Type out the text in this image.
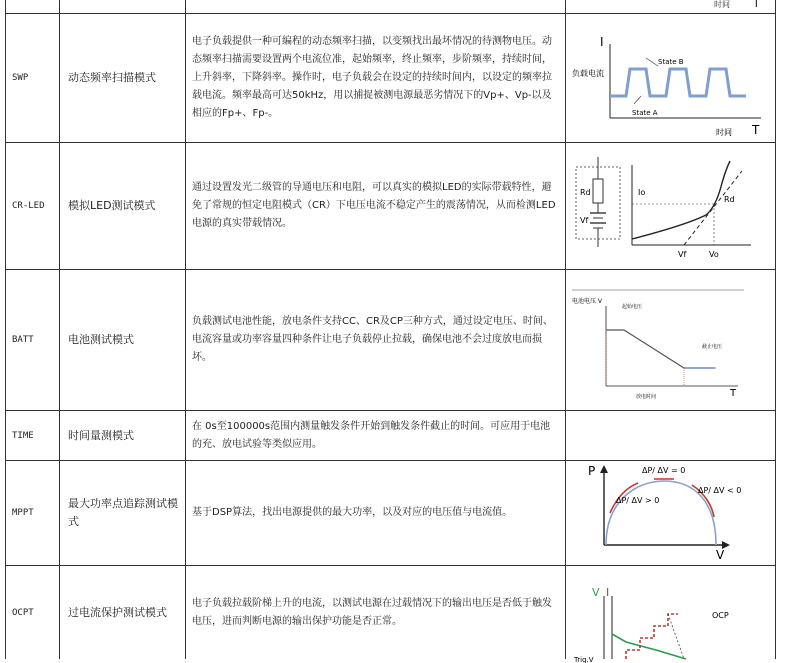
时间 T
SWP	动态频率扫描模式
电子负载提供一种可编程的动态频率扫描，以变频找出最坏情况的待测物电压。动态频率扫描需要设置两个电流位准，起始频率，终止频率，步阶频率，持续时间，上升斜率，下降斜率。操作时，电子负载会在设定的持续时间内，以设定的频率拉载电流。频率最高可达50kHz，用以捕捉被测电源最恶劣情况下的Vp+、Vp-以及相应的Fp+、Fp-。
I
负载电流
State B
State A
时间 T
CR-LED	模拟LED测试模式
通过设置发光二级管的导通电压和电阻，可以真实的模拟LED的实际带载特性，避免了常规的恒定电阻模式（CR）下电压电流不稳定产生的震荡情况，从而检测LED电源的真实带载情况。
Rd
Vf
Io
Rd
Vf	Vo
BATT	电池测试模式
负载测试电池性能，放电条件支持CC、CR及CP三种方式，通过设定电压、时间、电流容量或功率容量四种条件让电子负载停止拉载，确保电池不会过度放电而损坏。
电池电压 V
起始电压
截止电压
放电时间	T
TIME	时间量测模式
在 0s至100000s范围内测量触发条件开始到触发条件截止的时间。可应用于电池的充、放电试验等类似应用。
MPPT
最大功率点追踪测试模式
基于DSP算法，找出电源提供的最大功率，以及对应的电压值与电流值。
P
V
ΔP/ ΔV = 0
ΔP/ ΔV > 0
ΔP/ ΔV < 0
OCPT	过电流保护测试模式
电子负载拉载阶梯上升的电流，以测试电源在过载情况下的输出电压是否低于触发电压，进而判断电源的输出保护功能是否正常。
V I
OCP
Trig.V
